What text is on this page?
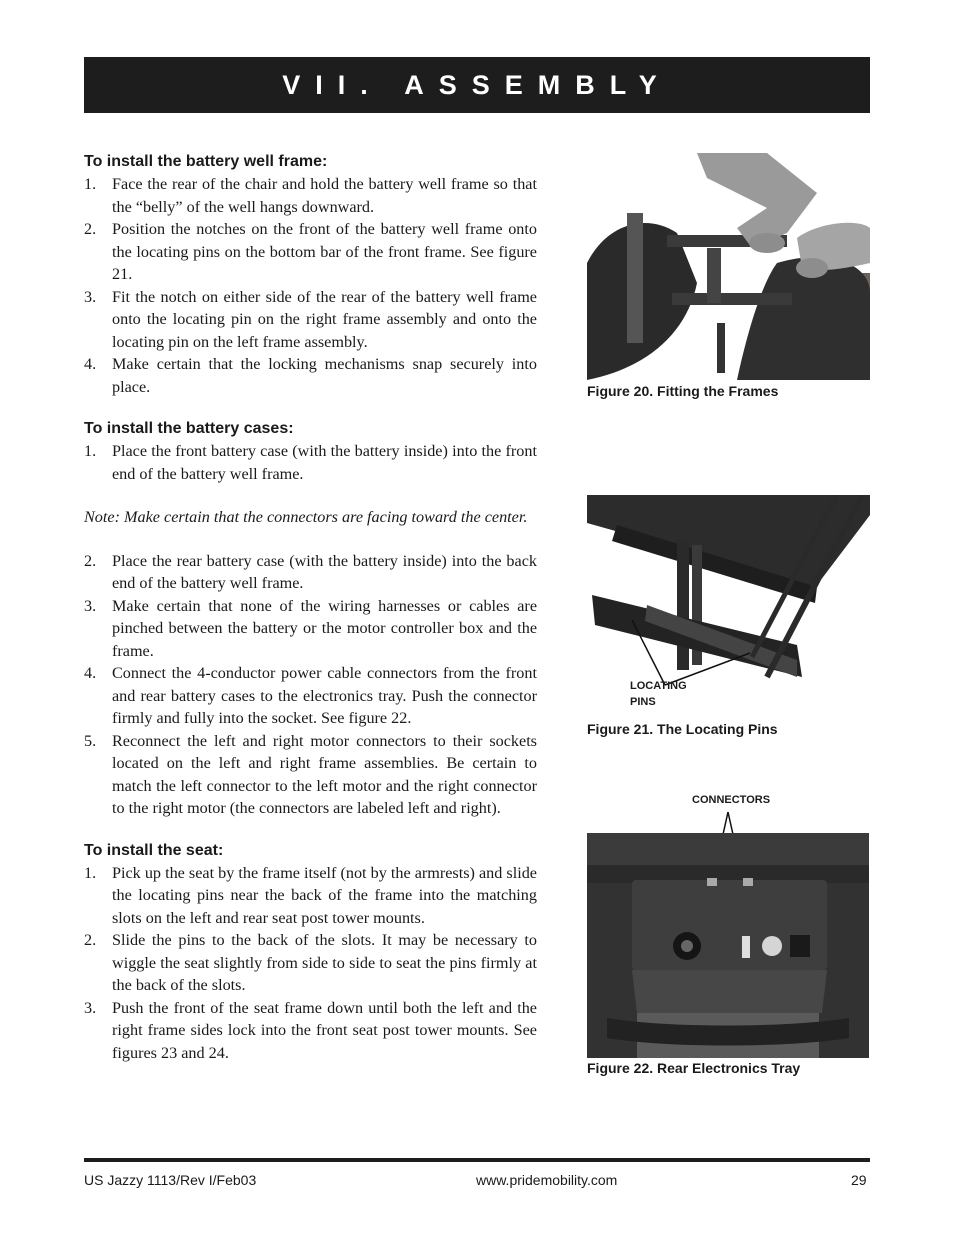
VII. ASSEMBLY
To install the battery well frame:
1. Face the rear of the chair and hold the battery well frame so that the “belly” of the well hangs downward.
2. Position the notches on the front of the battery well frame onto the locating pins on the bottom bar of the front frame. See figure 21.
3. Fit the notch on either side of the rear of the battery well frame onto the locating pin on the right frame assembly and onto the locating pin on the left frame assembly.
4. Make certain that the locking mechanisms snap securely into place.
To install the battery cases:
1. Place the front battery case (with the battery inside) into the front end of the battery well frame.
Note: Make certain that the connectors are facing toward the center.
2. Place the rear battery case (with the battery inside) into the back end of the battery well frame.
3. Make certain that none of the wiring harnesses or cables are pinched between the battery or the motor controller box and the frame.
4. Connect the 4-conductor power cable connectors from the front and rear battery cases to the electronics tray. Push the connector firmly and fully into the socket. See figure 22.
5. Reconnect the left and right motor connectors to their sockets located on the left and right frame assemblies. Be certain to match the left connector to the left motor and the right connector to the right motor (the connectors are labeled left and right).
To install the seat:
1. Pick up the seat by the frame itself (not by the armrests) and slide the locating pins near the back of the frame into the matching slots on the left and rear seat post tower mounts.
2. Slide the pins to the back of the slots. It may be necessary to wiggle the seat slightly from side to side to seat the pins firmly at the back of the slots.
3. Push the front of the seat frame down until both the left and the right frame sides lock into the front seat post tower mounts. See figures 23 and 24.
Figure 20. Fitting the Frames
LOCATING
PINS
Figure 21. The Locating Pins
CONNECTORS
Figure 22. Rear Electronics Tray
US Jazzy 1113/Rev I/Feb03	www.pridemobility.com	29
